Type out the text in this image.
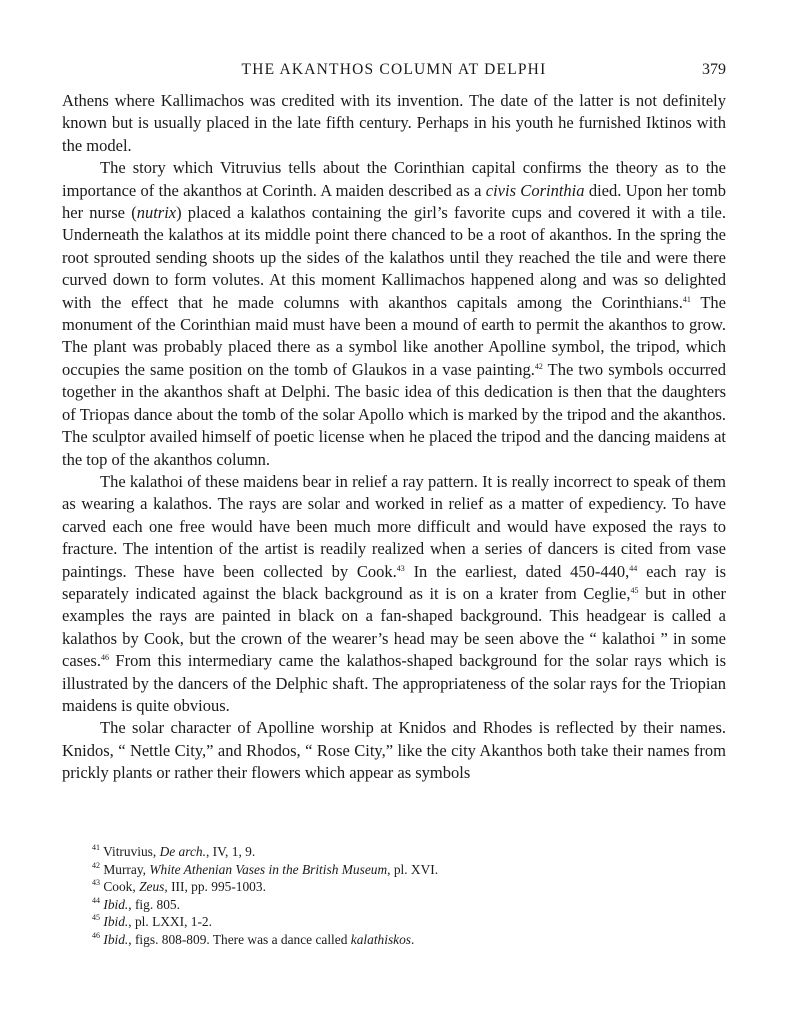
THE AKANTHOS COLUMN AT DELPHI	379

Athens where Kallimachos was credited with its invention. The date of the latter is not definitely known but is usually placed in the late fifth century. Perhaps in his youth he furnished Iktinos with the model.

The story which Vitruvius tells about the Corinthian capital confirms the theory as to the importance of the akanthos at Corinth. A maiden described as a civis Corinthia died. Upon her tomb her nurse (nutrix) placed a kalathos containing the girl’s favorite cups and covered it with a tile. Underneath the kalathos at its middle point there chanced to be a root of akanthos. In the spring the root sprouted sending shoots up the sides of the kalathos until they reached the tile and were there curved down to form volutes. At this moment Kallimachos happened along and was so delighted with the effect that he made columns with akanthos capitals among the Corinthians.$^{41}$ The monument of the Corinthian maid must have been a mound of earth to permit the akanthos to grow. The plant was probably placed there as a symbol like another Apolline symbol, the tripod, which occupies the same position on the tomb of Glaukos in a vase painting.$^{42}$ The two symbols occurred together in the akanthos shaft at Delphi. The basic idea of this dedication is then that the daughters of Triopas dance about the tomb of the solar Apollo which is marked by the tripod and the akanthos. The sculptor availed himself of poetic license when he placed the tripod and the dancing maidens at the top of the akanthos column.

The kalathoi of these maidens bear in relief a ray pattern. It is really incorrect to speak of them as wearing a kalathos. The rays are solar and worked in relief as a matter of expediency. To have carved each one free would have been much more difficult and would have exposed the rays to fracture. The intention of the artist is readily realized when a series of dancers is cited from vase paintings. These have been collected by Cook.$^{43}$ In the earliest, dated 450-440,44 each ray is separately indicated against the black background as it is on a krater from Ceglie,$^{45}$ but in other examples the rays are painted in black on a fan-shaped background. This headgear is called a kalathos by Cook, but the crown of the wearer’s head may be seen above the “ kalathoi ” in some cases.$^{46}$ From this intermediary came the kalathos-shaped background for the solar rays which is illustrated by the dancers of the Delphic shaft. The appropriateness of the solar rays for the Triopian maidens is quite obvious.

The solar character of Apolline worship at Knidos and Rhodes is reflected by their names. Knidos, “ Nettle City,” and Rhodos, “ Rose City,” like the city Akanthos both take their names from prickly plants or rather their flowers which appear as symbols

$^{41}$ Vitruvius, De arch., IV, 1, 9.

$^{42}$ Murray, White Athenian Vases in the British Museum, pl. XVI.

$^{43}$ Cook, Zeus, III, pp. 995-1003.

$^{44}$ Ibid., fig. 805.

$^{45}$ Ibid., pl. LXXI, 1-2.

$^{46}$ Ibid., figs. 808-809. There was a dance called kalathiskos.
